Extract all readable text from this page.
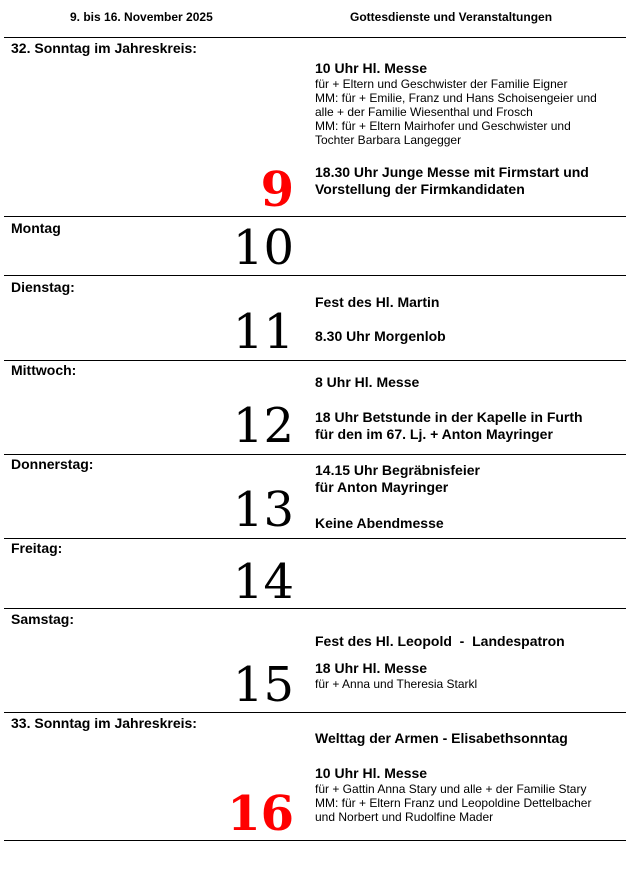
9. bis 16. November 2025	Gottesdienste und Veranstaltungen
32. Sonntag im Jahreskreis:
9
10 Uhr Hl. Messe
für + Eltern und Geschwister der Familie Eigner
MM: für + Emilie, Franz und Hans Schoisengeier und
alle + der Familie Wiesenthal und Frosch
MM: für + Eltern Mairhofer und Geschwister und
Tochter Barbara Langegger
18.30 Uhr Junge Messe mit Firmstart und
Vorstellung der Firmkandidaten
Montag	10
Dienstag:
11
Fest des Hl. Martin
8.30 Uhr Morgenlob
Mittwoch:
12
8 Uhr Hl. Messe
18 Uhr Betstunde in der Kapelle in Furth
für den im 67. Lj. + Anton Mayringer
Donnerstag:
13
14.15 Uhr Begräbnisfeier
für Anton Mayringer
Keine Abendmesse
Freitag:
14
Samstag:
15
Fest des Hl. Leopold  -  Landespatron
18 Uhr Hl. Messe
für + Anna und Theresia Starkl
33. Sonntag im Jahreskreis:
16
Welttag der Armen - Elisabethsonntag
10 Uhr Hl. Messe
für + Gattin Anna Stary und alle + der Familie Stary
MM: für + Eltern Franz und Leopoldine Dettelbacher
und Norbert und Rudolfine Mader
